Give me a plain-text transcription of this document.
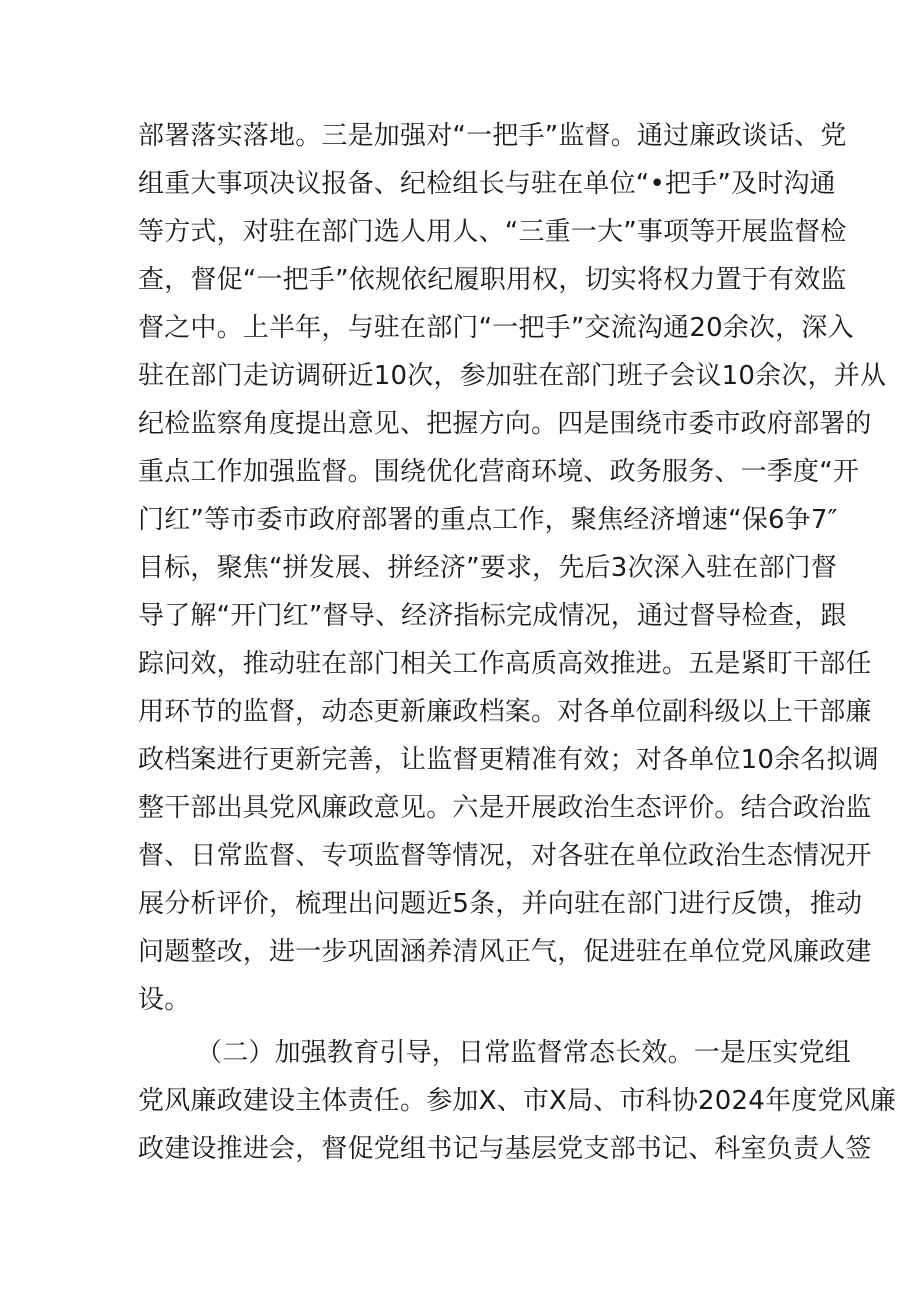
部署落实落地。三是加强对“一把手”监督。通过廉政谈话、党
组重大事项决议报备、纪检组长与驻在单位“•把手”及时沟通
等方式，对驻在部门选人用人、“三重一大”事项等开展监督检
查，督促“一把手”依规依纪履职用权，切实将权力置于有效监
督之中。上半年，与驻在部门“一把手”交流沟通20余次，深入
驻在部门走访调研近10次，参加驻在部门班子会议10余次，并从
纪检监察角度提出意见、把握方向。四是围绕市委市政府部署的
重点工作加强监督。围绕优化营商环境、政务服务、一季度“开
门红”等市委市政府部署的重点工作，聚焦经济增速“保6争7″
目标，聚焦“拼发展、拼经济”要求，先后3次深入驻在部门督
导了解“开门红”督导、经济指标完成情况，通过督导检查，跟
踪问效，推动驻在部门相关工作高质高效推进。五是紧盯干部任
用环节的监督，动态更新廉政档案。对各单位副科级以上干部廉
政档案进行更新完善，让监督更精准有效；对各单位10余名拟调
整干部出具党风廉政意见。六是开展政治生态评价。结合政治监
督、日常监督、专项监督等情况，对各驻在单位政治生态情况开
展分析评价，梳理出问题近5条，并向驻在部门进行反馈，推动
问题整改，进一步巩固涵养清风正气，促进驻在单位党风廉政建
设。
（二）加强教育引导，日常监督常态长效。一是压实党组
党风廉政建设主体责任。参加X、市X局、市科协2024年度党风廉
政建设推进会，督促党组书记与基层党支部书记、科室负责人签
